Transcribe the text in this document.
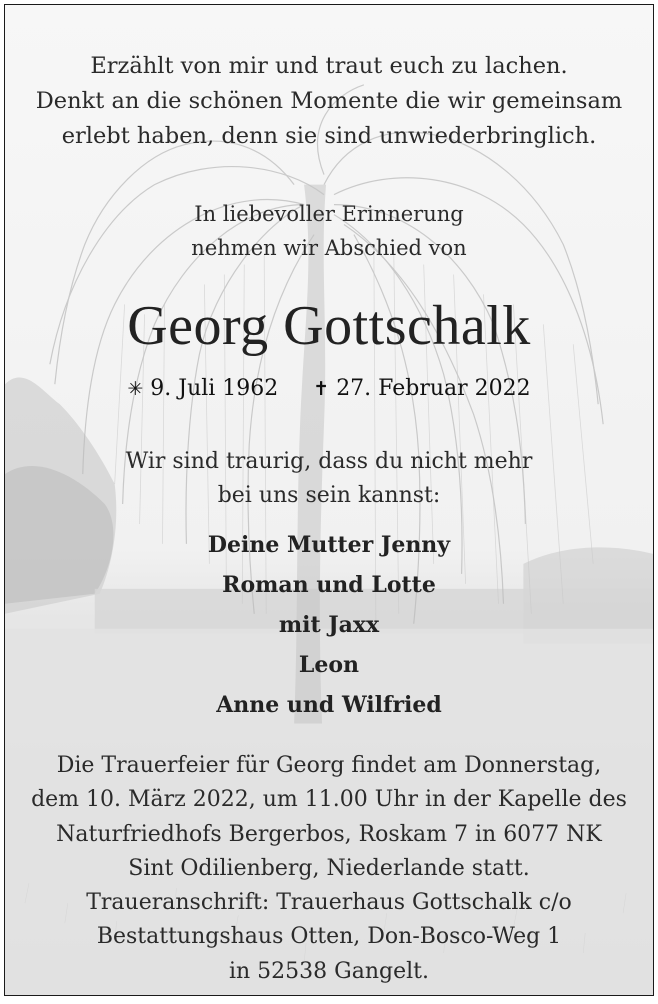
Erzählt von mir und traut euch zu lachen.
Denkt an die schönen Momente die wir gemeinsam
erlebt haben, denn sie sind unwiederbringlich.
In liebevoller Erinnerung
nehmen wir Abschied von
Georg Gottschalk
✳ 9. Juli 1962 ✝ 27. Februar 2022
Wir sind traurig, dass du nicht mehr
bei uns sein kannst:
Deine Mutter Jenny
Roman und Lotte
mit Jaxx
Leon
Anne und Wilfried
Die Trauerfeier für Georg findet am Donnerstag,
dem 10. März 2022, um 11.00 Uhr in der Kapelle des
Naturfriedhofs Bergerbos, Roskam 7 in 6077 NK
Sint Odilienberg, Niederlande statt.
Traueranschrift: Trauerhaus Gottschalk c/o
Bestattungshaus Otten, Don-Bosco-Weg 1
in 52538 Gangelt.
